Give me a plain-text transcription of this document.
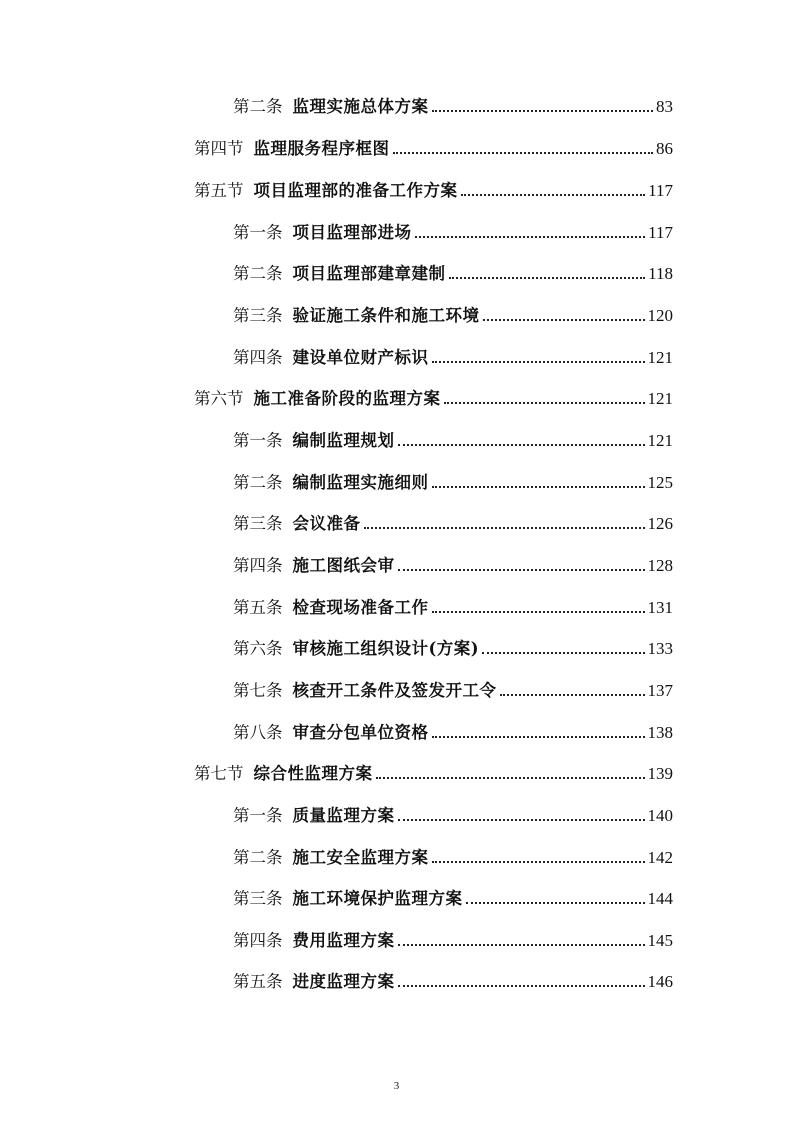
第二条 监理实施总体方案	83
第四节 监理服务程序框图	86
第五节 项目监理部的准备工作方案	117
第一条 项目监理部进场	117
第二条 项目监理部建章建制	118
第三条 验证施工条件和施工环境	120
第四条 建设单位财产标识	121
第六节 施工准备阶段的监理方案	121
第一条 编制监理规划	121
第二条 编制监理实施细则	125
第三条 会议准备	126
第四条 施工图纸会审	128
第五条 检查现场准备工作	131
第六条 审核施工组织设计(方案)	133
第七条 核查开工条件及签发开工令	137
第八条 审查分包单位资格	138
第七节 综合性监理方案	139
第一条 质量监理方案	140
第二条 施工安全监理方案	142
第三条 施工环境保护监理方案	144
第四条 费用监理方案	145
第五条 进度监理方案	146
3
